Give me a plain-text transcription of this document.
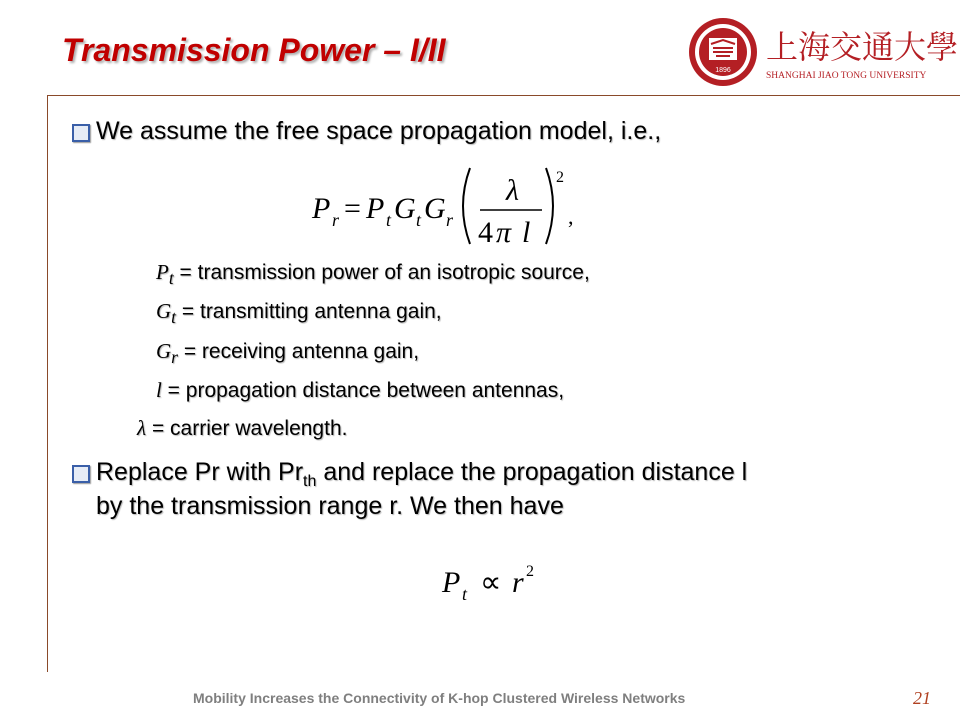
Transmission Power – I/II
1896
上海交通大學
SHANGHAI JIAO TONG UNIVERSITY
We assume the free space propagation model, i.e.,
P r = P t G t G r
λ
4 π l
2
,
$P_t$ = transmission power of an isotropic source,
$G_t$ = transmitting antenna gain,
$G_r$ = receiving antenna gain,
l = propagation distance between antennas,
λ = carrier wavelength.
Replace Pr with $Pr_{th}$ and replace the propagation distance l
by the transmission range r. We then have
P t ∝ r 2
Mobility Increases the Connectivity of K-hop Clustered Wireless Networks	21
